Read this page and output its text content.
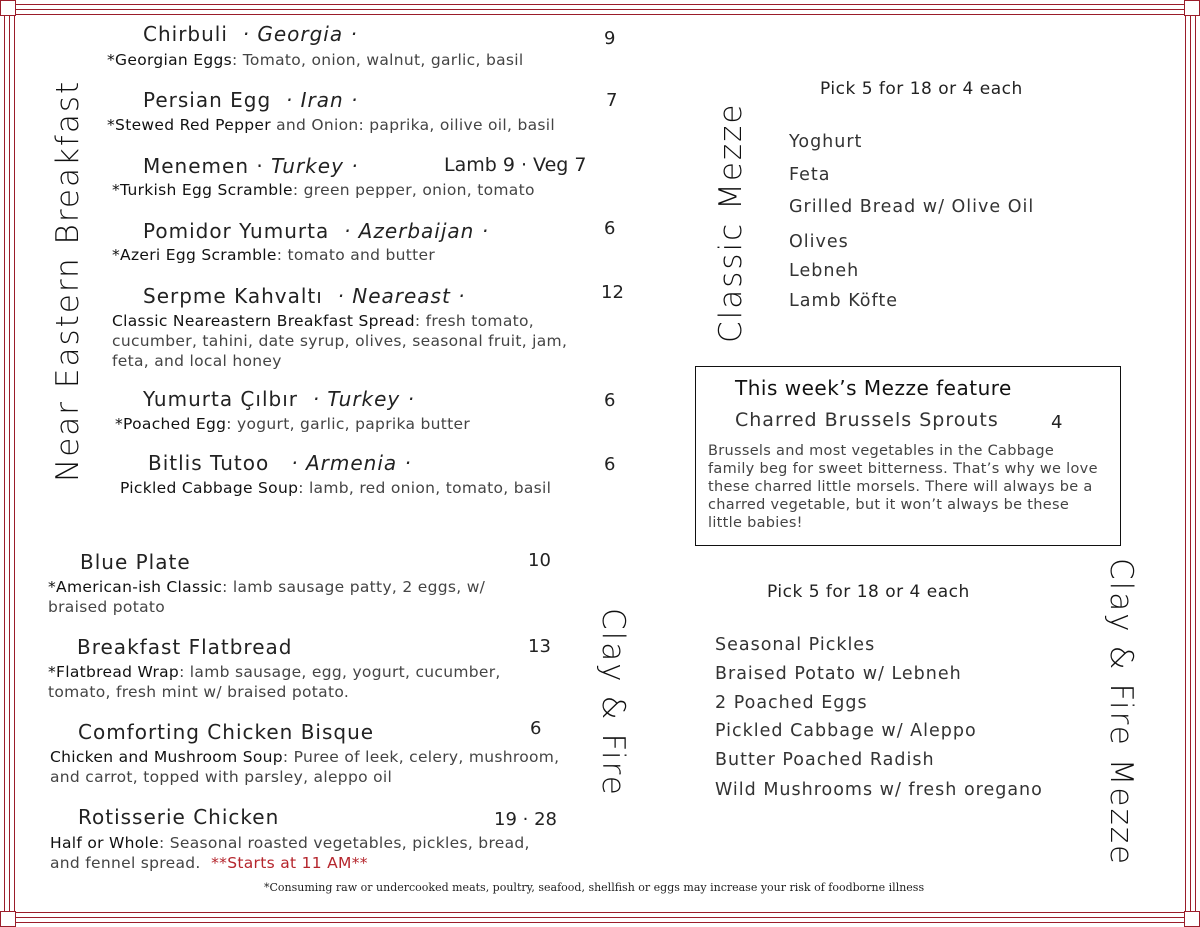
Near Eastern Breakfast
Clay & Fire
Classic Mezze
Clay & Fire Mezze
Chirbuli · Georgia ·	9
*Georgian Eggs: Tomato, onion, walnut, garlic, basil
Persian Egg · Iran ·	7
*Stewed Red Pepper and Onion: paprika, oilive oil, basil
Menemen · Turkey ·	Lamb 9 · Veg 7
*Turkish Egg Scramble: green pepper, onion, tomato
Pomidor Yumurta · Azerbaijan ·	6
*Azeri Egg Scramble: tomato and butter
Serpme Kahvaltı · Neareast ·	12
Classic Neareastern Breakfast Spread: fresh tomato, cucumber, tahini, date syrup, olives, seasonal fruit, jam, feta, and local honey
Yumurta Çılbır · Turkey ·	6
*Poached Egg: yogurt, garlic, paprika butter
Bitlis Tutoo · Armenia ·	6
Pickled Cabbage Soup: lamb, red onion, tomato, basil
Blue Plate	10
*American-ish Classic: lamb sausage patty, 2 eggs, w/ braised potato
Breakfast Flatbread	13
*Flatbread Wrap: lamb sausage, egg, yogurt, cucumber, tomato, fresh mint w/ braised potato.
Comforting Chicken Bisque	6
Chicken and Mushroom Soup: Puree of leek, celery, mushroom, and carrot, topped with parsley, aleppo oil
Rotisserie Chicken	19 · 28
Half or Whole: Seasonal roasted vegetables, pickles, bread, and fennel spread. **Starts at 11 AM**
Pick 5 for 18 or 4 each
Yoghurt
Feta
Grilled Bread w/ Olive Oil
Olives
Lebneh
Lamb Köfte
This week’s Mezze feature
Charred Brussels Sprouts	4
Brussels and most vegetables in the Cabbage family beg for sweet bitterness. That’s why we love these charred little morsels. There will always be a charred vegetable, but it won’t always be these little babies!
Pick 5 for 18 or 4 each
Seasonal Pickles
Braised Potato w/ Lebneh
2 Poached Eggs
Pickled Cabbage w/ Aleppo
Butter Poached Radish
Wild Mushrooms w/ fresh oregano
*Consuming raw or undercooked meats, poultry, seafood, shellfish or eggs may increase your risk of foodborne illness
